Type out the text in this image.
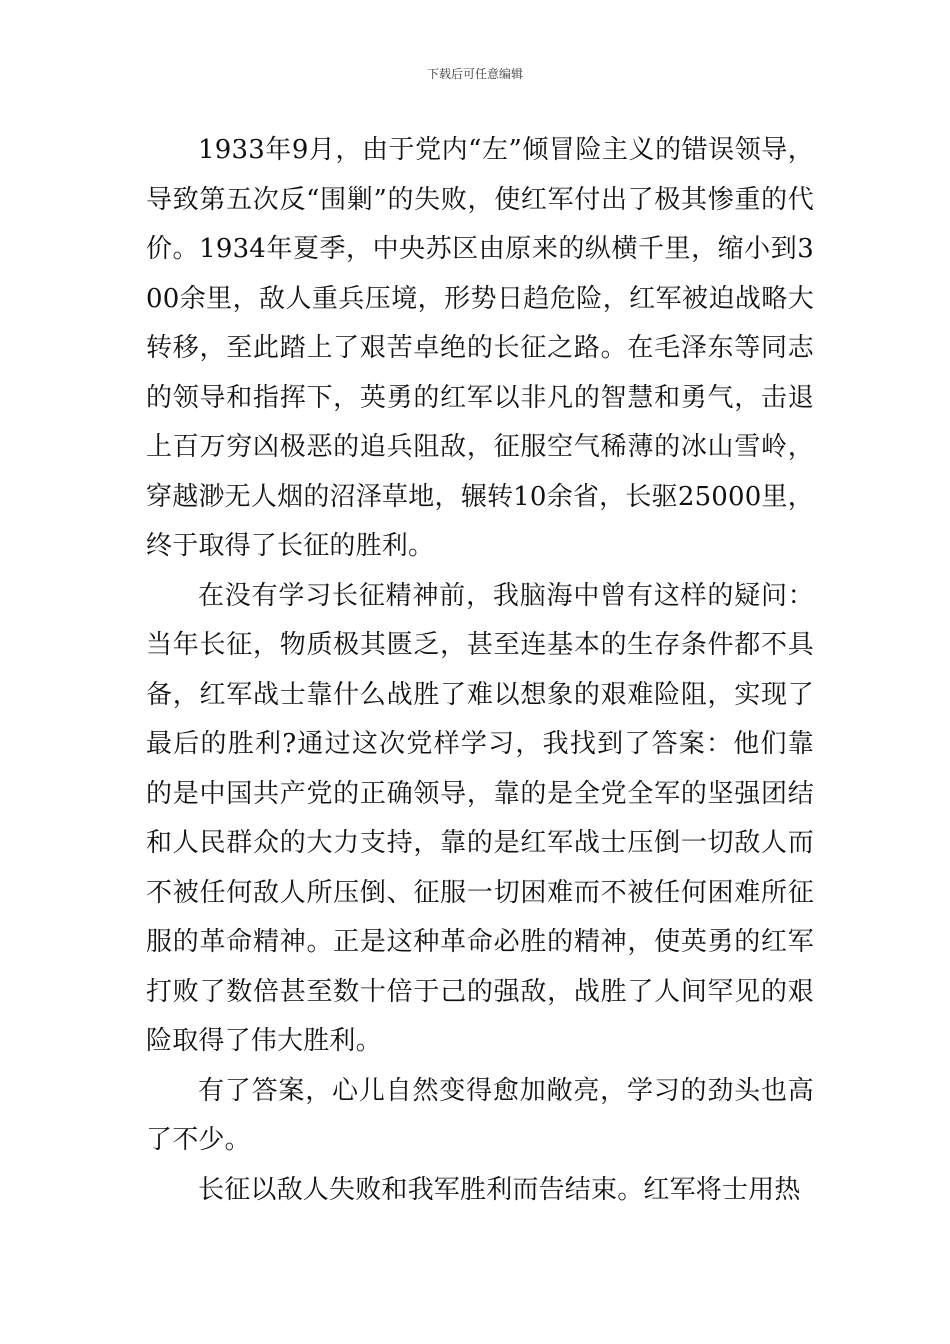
下载后可任意编辑

1933年9月，由于党内“左”倾冒险主义的错误领导，导致第五次反“围剿”的失败，使红军付出了极其惨重的代价。1934年夏季，中央苏区由原来的纵横千里，缩小到300余里，敌人重兵压境，形势日趋危险，红军被迫战略大转移，至此踏上了艰苦卓绝的长征之路。在毛泽东等同志的领导和指挥下，英勇的红军以非凡的智慧和勇气，击退上百万穷凶极恶的追兵阻敌，征服空气稀薄的冰山雪岭，穿越渺无人烟的沼泽草地，辗转10余省，长驱25000里，终于取得了长征的胜利。

在没有学习长征精神前，我脑海中曾有这样的疑问：当年长征，物质极其匮乏，甚至连基本的生存条件都不具备，红军战士靠什么战胜了难以想象的艰难险阻，实现了最后的胜利?通过这次党样学习，我找到了答案：他们靠的是中国共产党的正确领导，靠的是全党全军的坚强团结和人民群众的大力支持，靠的是红军战士压倒一切敌人而不被任何敌人所压倒、征服一切困难而不被任何困难所征服的革命精神。正是这种革命必胜的精神，使英勇的红军打败了数倍甚至数十倍于己的强敌，战胜了人间罕见的艰险取得了伟大胜利。

有了答案，心儿自然变得愈加敞亮，学习的劲头也高了不少。

长征以敌人失败和我军胜利而告结束。红军将士用热
